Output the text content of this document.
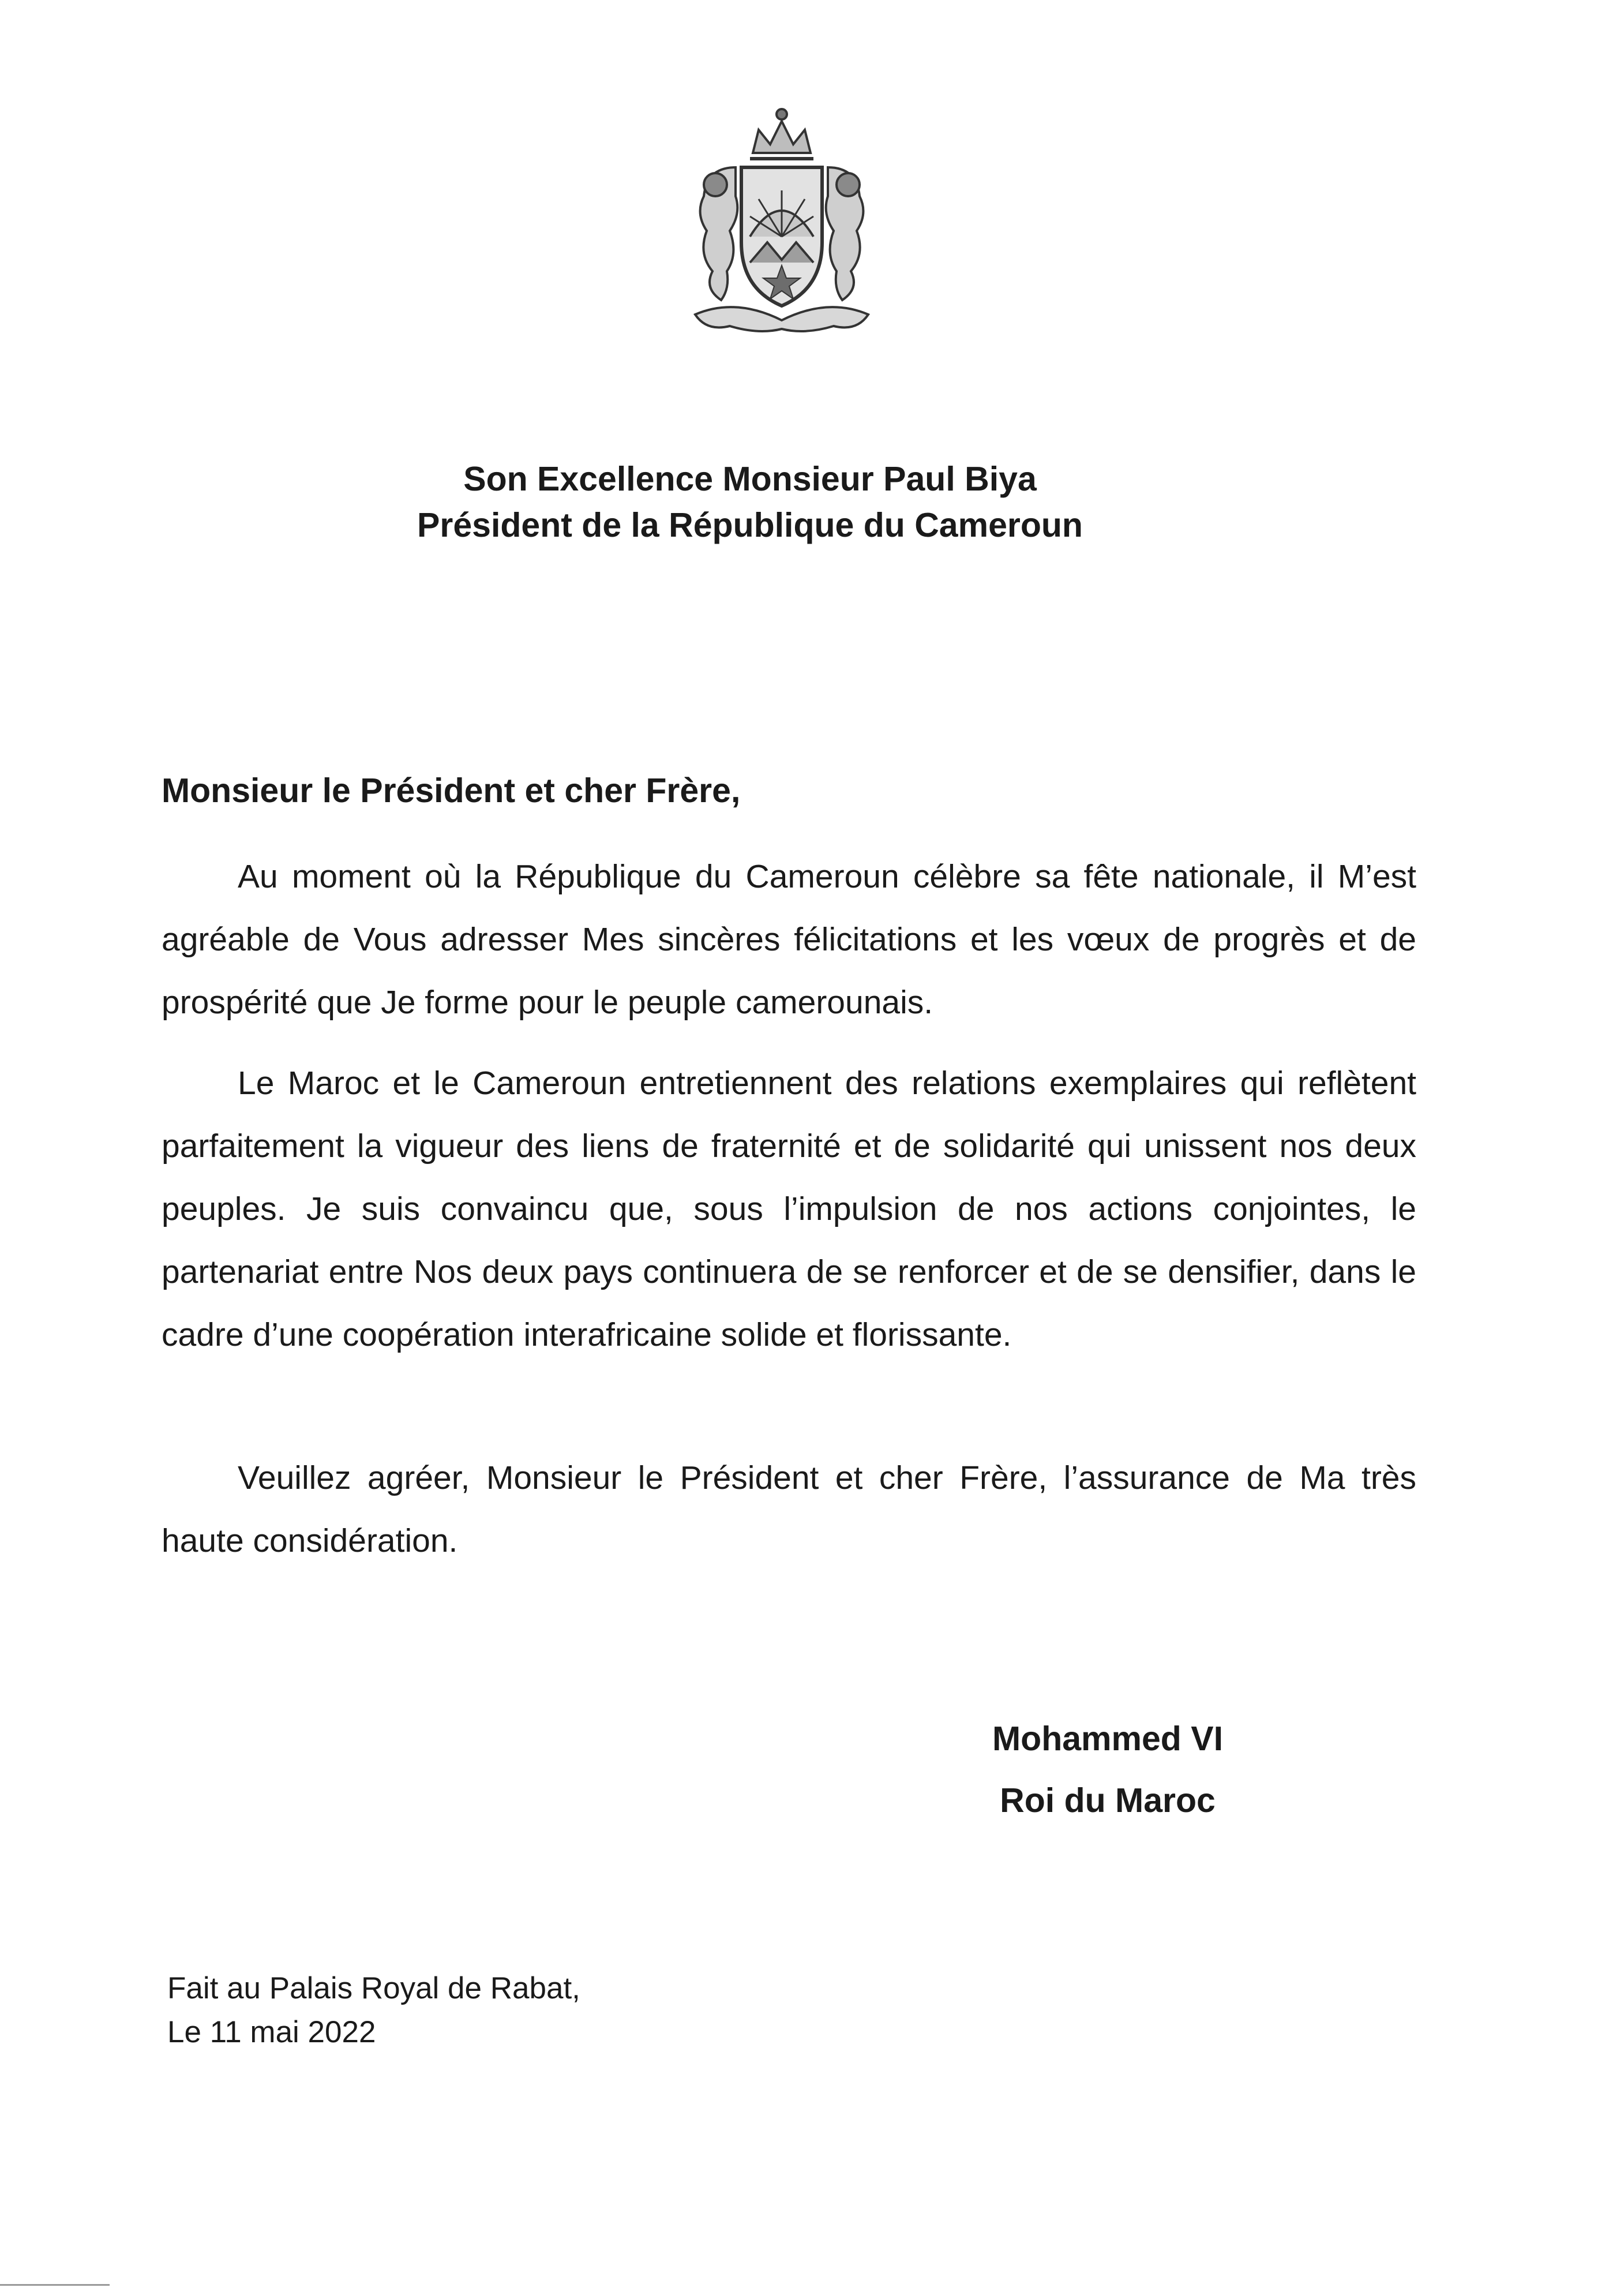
Son Excellence Monsieur Paul Biya
Président de la République du Cameroun
Monsieur le Président et cher Frère,

Au moment où la République du Cameroun célèbre sa fête nationale, il M’est agréable de Vous adresser Mes sincères félicitations et les vœux de progrès et de prospérité que Je forme pour le peuple camerounais.

Le Maroc et le Cameroun entretiennent des relations exemplaires qui reflètent parfaitement la vigueur des liens de fraternité et de solidarité qui unissent nos deux peuples. Je suis convaincu que, sous l’impulsion de nos actions conjointes, le partenariat entre Nos deux pays continuera de se renforcer et de se densifier, dans le cadre d’une coopération interafricaine solide et florissante.

Veuillez agréer, Monsieur le Président et cher Frère, l’assurance de Ma très haute considération.

Mohammed VI
Roi du Maroc
Fait au Palais Royal de Rabat,
Le 11 mai 2022
